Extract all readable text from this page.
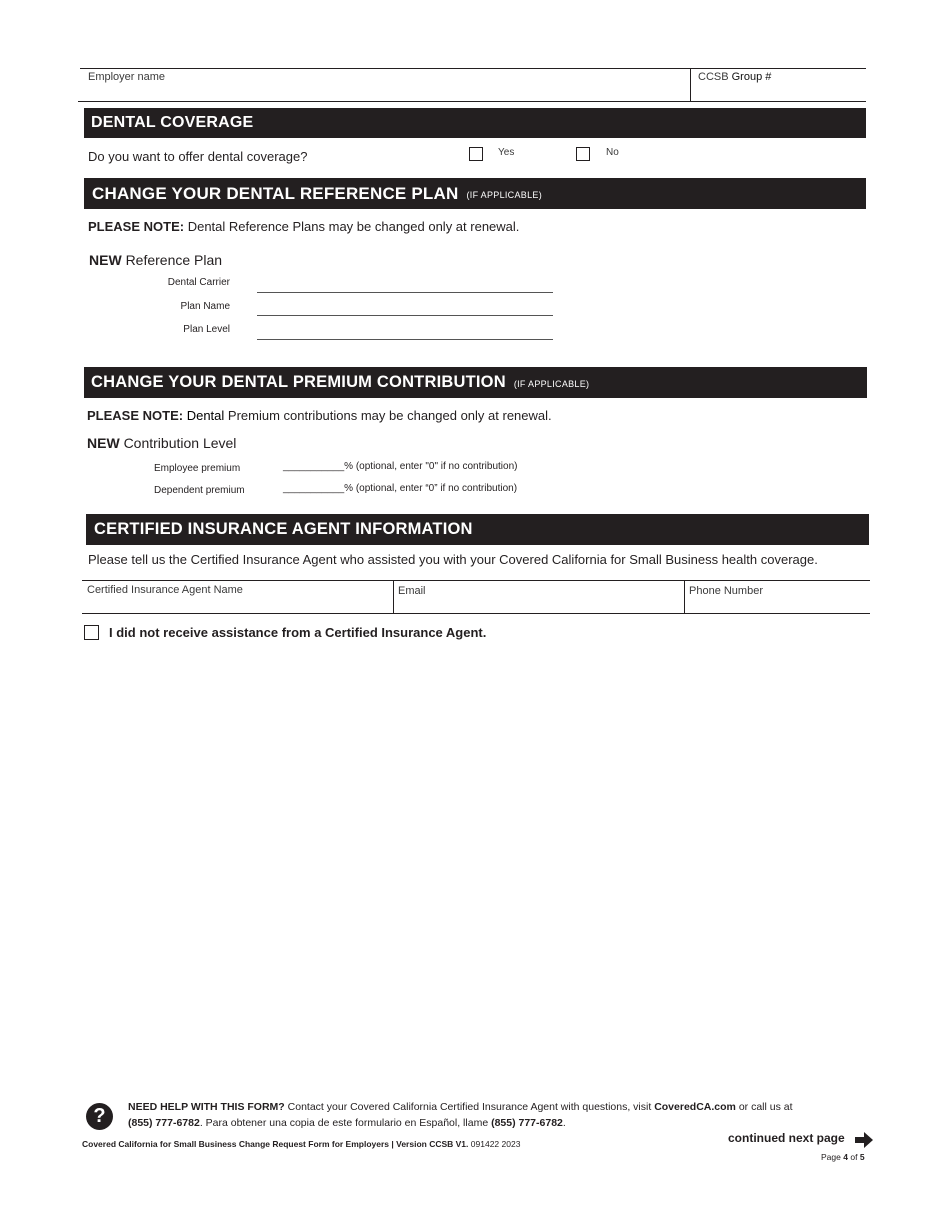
Employer name	CCSB Group #
DENTAL COVERAGE
Do you want to offer dental coverage?	Yes	No
CHANGE YOUR DENTAL REFERENCE PLAN (IF APPLICABLE)
PLEASE NOTE: Dental Reference Plans may be changed only at renewal.
NEW Reference Plan
Dental Carrier
Plan Name
Plan Level
CHANGE YOUR DENTAL PREMIUM CONTRIBUTION (IF APPLICABLE)
PLEASE NOTE: Dental Premium contributions may be changed only at renewal.
NEW Contribution Level
Employee premium	___________% (optional, enter "0" if no contribution)
Dependent premium	___________% (optional, enter “0” if no contribution)
CERTIFIED INSURANCE AGENT INFORMATION
Please tell us the Certified Insurance Agent who assisted you with your Covered California for Small Business health coverage.
Certified Insurance Agent Name	Email	Phone Number
I did not receive assistance from a Certified Insurance Agent.
?	NEED HELP WITH THIS FORM? Contact your Covered California Certified Insurance Agent with questions, visit CoveredCA.com or call us at
(855) 777-6782. Para obtener una copia de este formulario en Español, llame (855) 777-6782.
Covered California for Small Business Change Request Form for Employers | Version CCSB V1. 091422 2023	continued next page
Page 4 of 5
